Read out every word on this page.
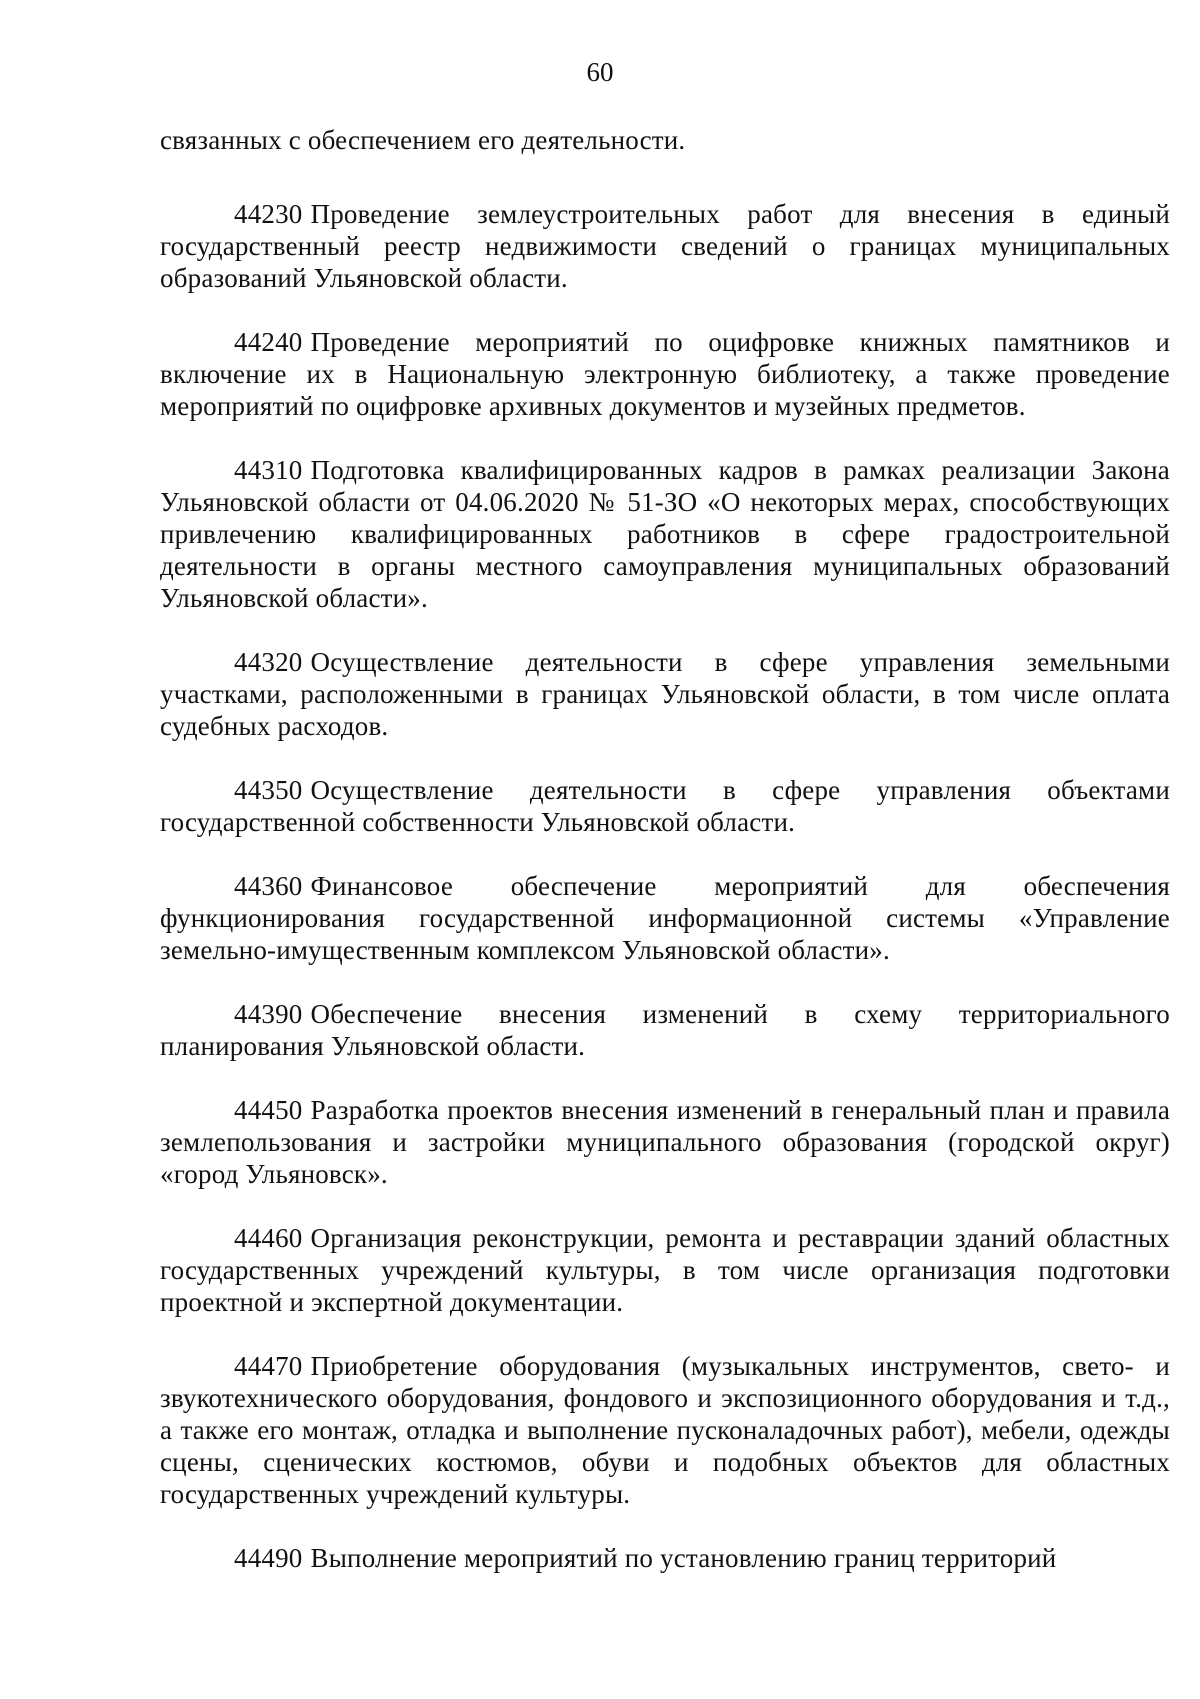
60

связанных с обеспечением его деятельности.

44230 Проведение землеустроительных работ для внесения в единый государственный реестр недвижимости сведений о границах муниципальных образований Ульяновской области.

44240 Проведение мероприятий по оцифровке книжных памятников и включение их в Национальную электронную библиотеку, а также проведение мероприятий по оцифровке архивных документов и музейных предметов.

44310 Подготовка квалифицированных кадров в рамках реализации Закона Ульяновской области от 04.06.2020 № 51-ЗО «О некоторых мерах, способствующих привлечению квалифицированных работников в сфере градостроительной деятельности в органы местного самоуправления муниципальных образований Ульяновской области».

44320 Осуществление деятельности в сфере управления земельными участками, расположенными в границах Ульяновской области, в том числе оплата судебных расходов.

44350 Осуществление деятельности в сфере управления объектами государственной собственности Ульяновской области.

44360 Финансовое обеспечение мероприятий для обеспечения функционирования государственной информационной системы «Управление земельно-имущественным комплексом Ульяновской области».

44390 Обеспечение внесения изменений в схему территориального планирования Ульяновской области.

44450 Разработка проектов внесения изменений в генеральный план и правила землепользования и застройки муниципального образования (городской округ) «город Ульяновск».

44460 Организация реконструкции, ремонта и реставрации зданий областных государственных учреждений культуры, в том числе организация подготовки проектной и экспертной документации.

44470 Приобретение оборудования (музыкальных инструментов, свето- и звукотехнического оборудования, фондового и экспозиционного оборудования и т.д., а также его монтаж, отладка и выполнение пусконаладочных работ), мебели, одежды сцены, сценических костюмов, обуви и подобных объектов для областных государственных учреждений культуры.

44490 Выполнение мероприятий по установлению границ территорий
